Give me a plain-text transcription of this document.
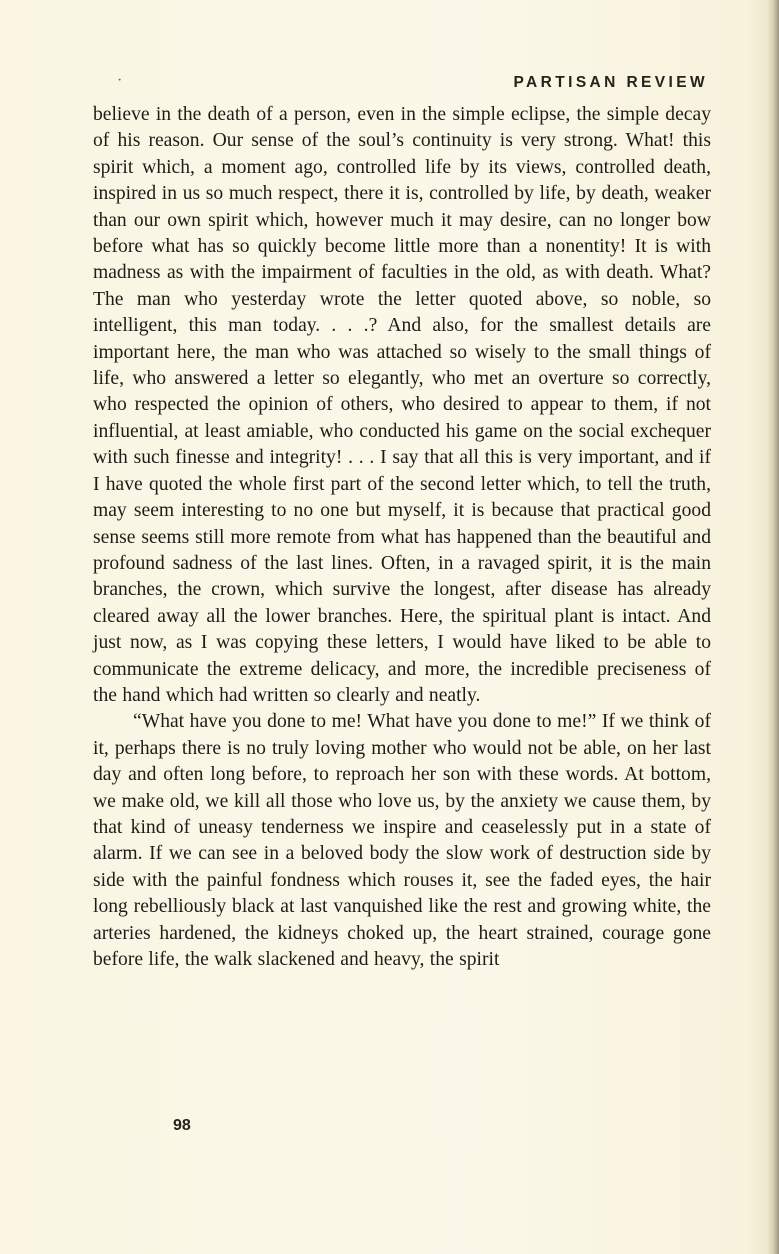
·	PARTISAN REVIEW

believe in the death of a person, even in the simple eclipse, the simple decay of his reason. Our sense of the soul’s continuity is very strong. What! this spirit which, a moment ago, controlled life by its views, controlled death, inspired in us so much respect, there it is, controlled by life, by death, weaker than our own spirit which, however much it may desire, can no longer bow before what has so quickly become little more than a nonentity! It is with madness as with the impairment of faculties in the old, as with death. What? The man who yesterday wrote the letter quoted above, so noble, so intelligent, this man today. . . .? And also, for the smallest details are important here, the man who was attached so wisely to the small things of life, who answered a letter so elegantly, who met an overture so correctly, who respected the opinion of others, who desired to appear to them, if not influential, at least amiable, who conducted his game on the social exchequer with such finesse and integrity! . . . I say that all this is very important, and if I have quoted the whole first part of the second letter which, to tell the truth, may seem interesting to no one but myself, it is because that practical good sense seems still more remote from what has happened than the beautiful and profound sadness of the last lines. Often, in a ravaged spirit, it is the main branches, the crown, which survive the longest, after disease has already cleared away all the lower branches. Here, the spiritual plant is intact. And just now, as I was copying these letters, I would have liked to be able to communicate the extreme delicacy, and more, the incredible preciseness of the hand which had written so clearly and neatly.

“What have you done to me! What have you done to me!” If we think of it, perhaps there is no truly loving mother who would not be able, on her last day and often long before, to reproach her son with these words. At bottom, we make old, we kill all those who love us, by the anxiety we cause them, by that kind of uneasy tenderness we inspire and ceaselessly put in a state of alarm. If we can see in a beloved body the slow work of destruction side by side with the painful fondness which rouses it, see the faded eyes, the hair long rebelliously black at last vanquished like the rest and growing white, the arteries hardened, the kidneys choked up, the heart strained, courage gone before life, the walk slackened and heavy, the spirit

98
